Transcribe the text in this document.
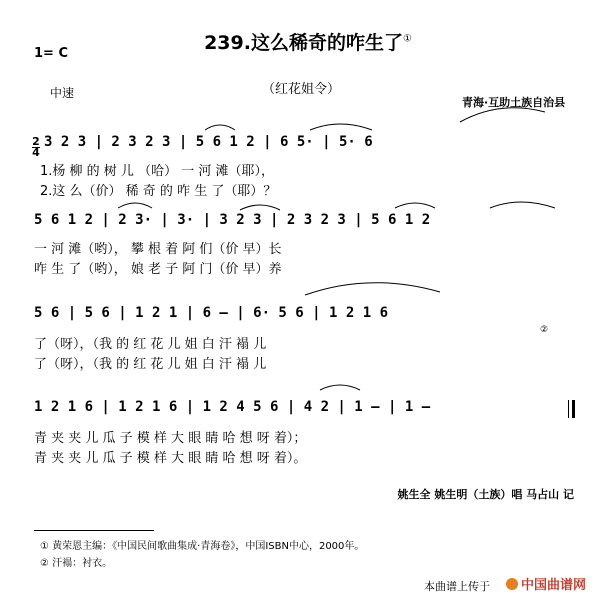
239.这么稀奇的咋生了①
1= C
中速	（红花姐令）
青海·互助土族自治县
2
4
3 2 3 | 2 3 2 3 | 5 6 1 2 | 6 5· | 5· 6
1.杨 柳 的 树 儿 （哈） 一 河 滩（耶），
2.这 么（价） 稀 奇 的 咋 生 了（耶）？
5 6 1 2 | 2 3· | 3· | 3 2 3 | 2 3 2 3 | 5 6 1 2
一 河 滩（哟）， 攀 根 着 阿 们（价 早）长
咋 生 了（哟）， 娘 老 子 阿 门（价 早）养
5 6 | 5 6 | 1 2 1 | 6 — | 6· 5 6 | 1 2 1 6
了（呀），（我 的 红 花 儿 姐 白 汗 褟 儿
了（呀），（我 的 红 花 儿 姐 白 汗 褟 儿
②
1 2 1 6 | 1 2 1 6 | 1 2 4 5 6 | 4 2 | 1 — | 1 —
青 夹 夹 儿 瓜 子 模 样 大 眼 睛 哈 想 呀 着）；
青 夹 夹 儿 瓜 子 模 样 大 眼 睛 哈 想 呀 着）。
姚生全 姚生明（土族）唱 马占山 记
① 黄荣恩主编：《中国民间歌曲集成·青海卷》，中国ISBN中心，2000年。
② 汗褟：衬衣。
本曲谱上传于	中国曲谱网
